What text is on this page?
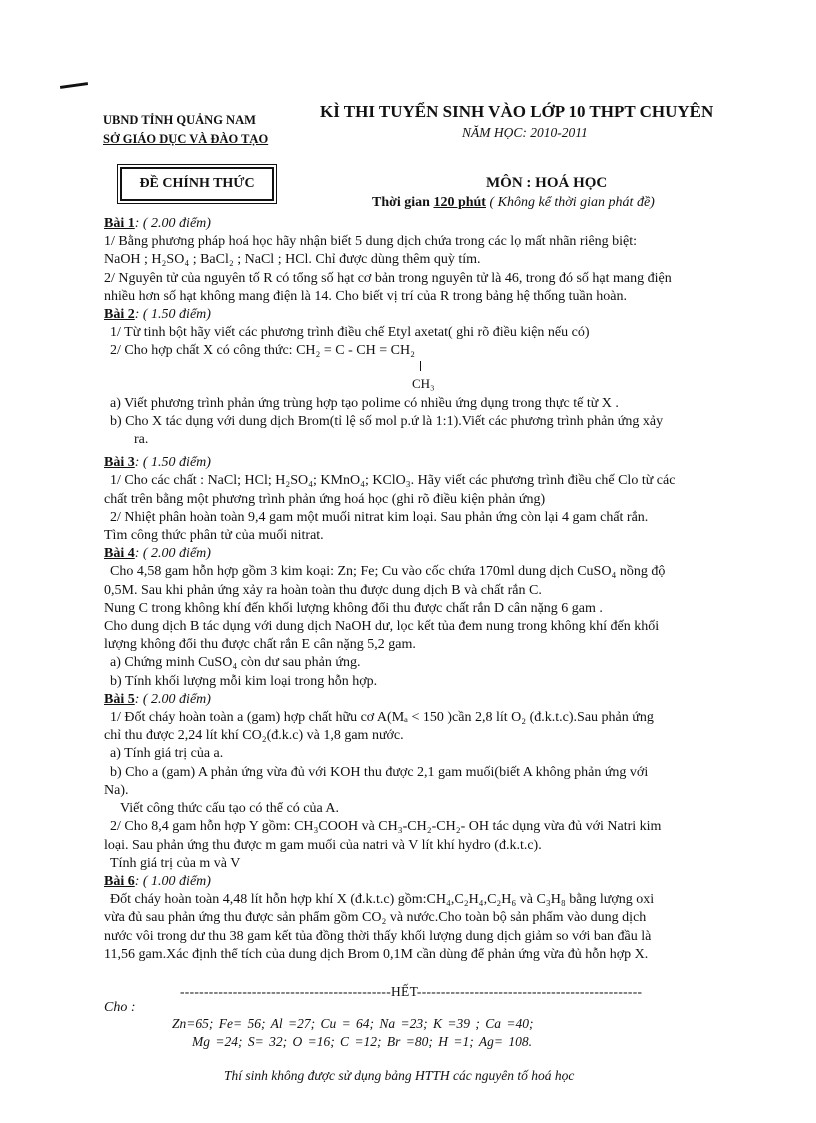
UBND TỈNH QUẢNG NAM
SỞ GIÁO DỤC VÀ ĐÀO TẠO
KÌ THI TUYỂN SINH VÀO LỚP 10 THPT CHUYÊN
NĂM HỌC: 2010-2011
ĐỀ CHÍNH THỨC	MÔN : HOÁ HỌC
Thời gian 120 phút ( Không kể thời gian phát đề)

Bài 1: ( 2.00 điểm)

1/ Bằng phương pháp hoá học hãy nhận biết 5 dung dịch chứa trong các lọ mất nhãn riêng biệt:

NaOH ; H₂SO₄ ; BaCl₂ ; NaCl ; HCl. Chỉ được dùng thêm quỳ tím.

2/ Nguyên tử của nguyên tố R có tổng số hạt cơ bản trong nguyên tử là 46, trong đó số hạt mang điện

nhiều hơn số hạt không mang điện là 14. Cho biết vị trí của R trong bảng hệ thống tuần hoàn.

Bài 2: ( 1.50 điểm)

1/ Từ tinh bột hãy viết các phương trình điều chế Etyl axetat( ghi rõ điều kiện nếu có)

2/ Cho hợp chất X có công thức: CH₂ = C - CH = CH₂

CH₃

a) Viết phương trình phản ứng trùng hợp tạo polime có nhiều ứng dụng trong thực tế từ X .

b) Cho X tác dụng với dung dịch Brom(tỉ lệ số mol p.ứ là 1:1).Viết các phương trình phản ứng xảy

ra.

Bài 3: ( 1.50 điểm)

1/ Cho các chất : NaCl; HCl; H₂SO₄; KMnO₄; KClO₃. Hãy viết các phương trình điều chế Clo từ các

chất trên bằng một phương trình phản ứng hoá học (ghi rõ điều kiện phản ứng)

2/ Nhiệt phân hoàn toàn 9,4 gam một muối nitrat kim loại. Sau phản ứng còn lại 4 gam chất rắn.

Tìm công thức phân tử của muối nitrat.

Bài 4: ( 2.00 điểm)

Cho 4,58 gam hỗn hợp gồm 3 kim koại: Zn; Fe; Cu vào cốc chứa 170ml dung dịch CuSO₄ nồng độ

0,5M. Sau khi phản ứng xảy ra hoàn toàn thu được dung dịch B và chất rắn C.

Nung C trong không khí đến khối lượng không đổi thu được chất rắn D cân nặng 6 gam .

Cho dung dịch B tác dụng với dung dịch NaOH dư, lọc kết tủa đem nung trong không khí đến khối

lượng không đổi thu được chất rắn E cân nặng 5,2 gam.

a) Chứng minh CuSO₄ còn dư sau phản ứng.

b) Tính khối lượng mỗi kim loại trong hỗn hợp.

Bài 5: ( 2.00 điểm)

1/ Đốt cháy hoàn toàn a (gam) hợp chất hữu cơ A(Mₐ < 150 )cần 2,8 lít O₂ (đ.k.t.c).Sau phản ứng

chỉ thu được 2,24 lít khí CO₂(đ.k.c) và 1,8 gam nước.

a) Tính giá trị của a.

b) Cho a (gam) A phản ứng vừa đủ với KOH thu được 2,1 gam muối(biết A không phản ứng với

Na).

Viết công thức cấu tạo có thể có của A.

2/ Cho 8,4 gam hỗn hợp Y gồm: CH₃COOH và CH₃-CH₂-CH₂- OH tác dụng vừa đủ với Natri kim

loại. Sau phản ứng thu được m gam muối của natri và V lít khí hydro (đ.k.t.c).

Tính giá trị của m và V

Bài 6: ( 1.00 điểm)

Đốt cháy hoàn toàn 4,48 lít hỗn hợp khí X (đ.k.t.c) gồm:CH₄,C₂H₄,C₂H₆ và C₃H₈ bằng lượng oxi

vừa đủ sau phản ứng thu được sản phẩm gồm CO₂ và nước.Cho toàn bộ sản phẩm vào dung dịch

nước vôi trong dư thu 38 gam kết tủa đồng thời thấy khối lượng dung dịch giảm so với ban đầu là

11,56 gam.Xác định thể tích của dung dịch Brom 0,1M cần dùng để phản ứng vừa đủ hỗn hợp X.

--------------------------------------------HẾT-----------------------------------------------
Cho :
Zn=65; Fe= 56; Al =27; Cu = 64; Na =23; K =39 ; Ca =40;
Mg =24; S= 32; O =16; C =12; Br =80; H =1; Ag= 108.
Thí sinh không được sử dụng bảng HTTH các nguyên tố hoá học
